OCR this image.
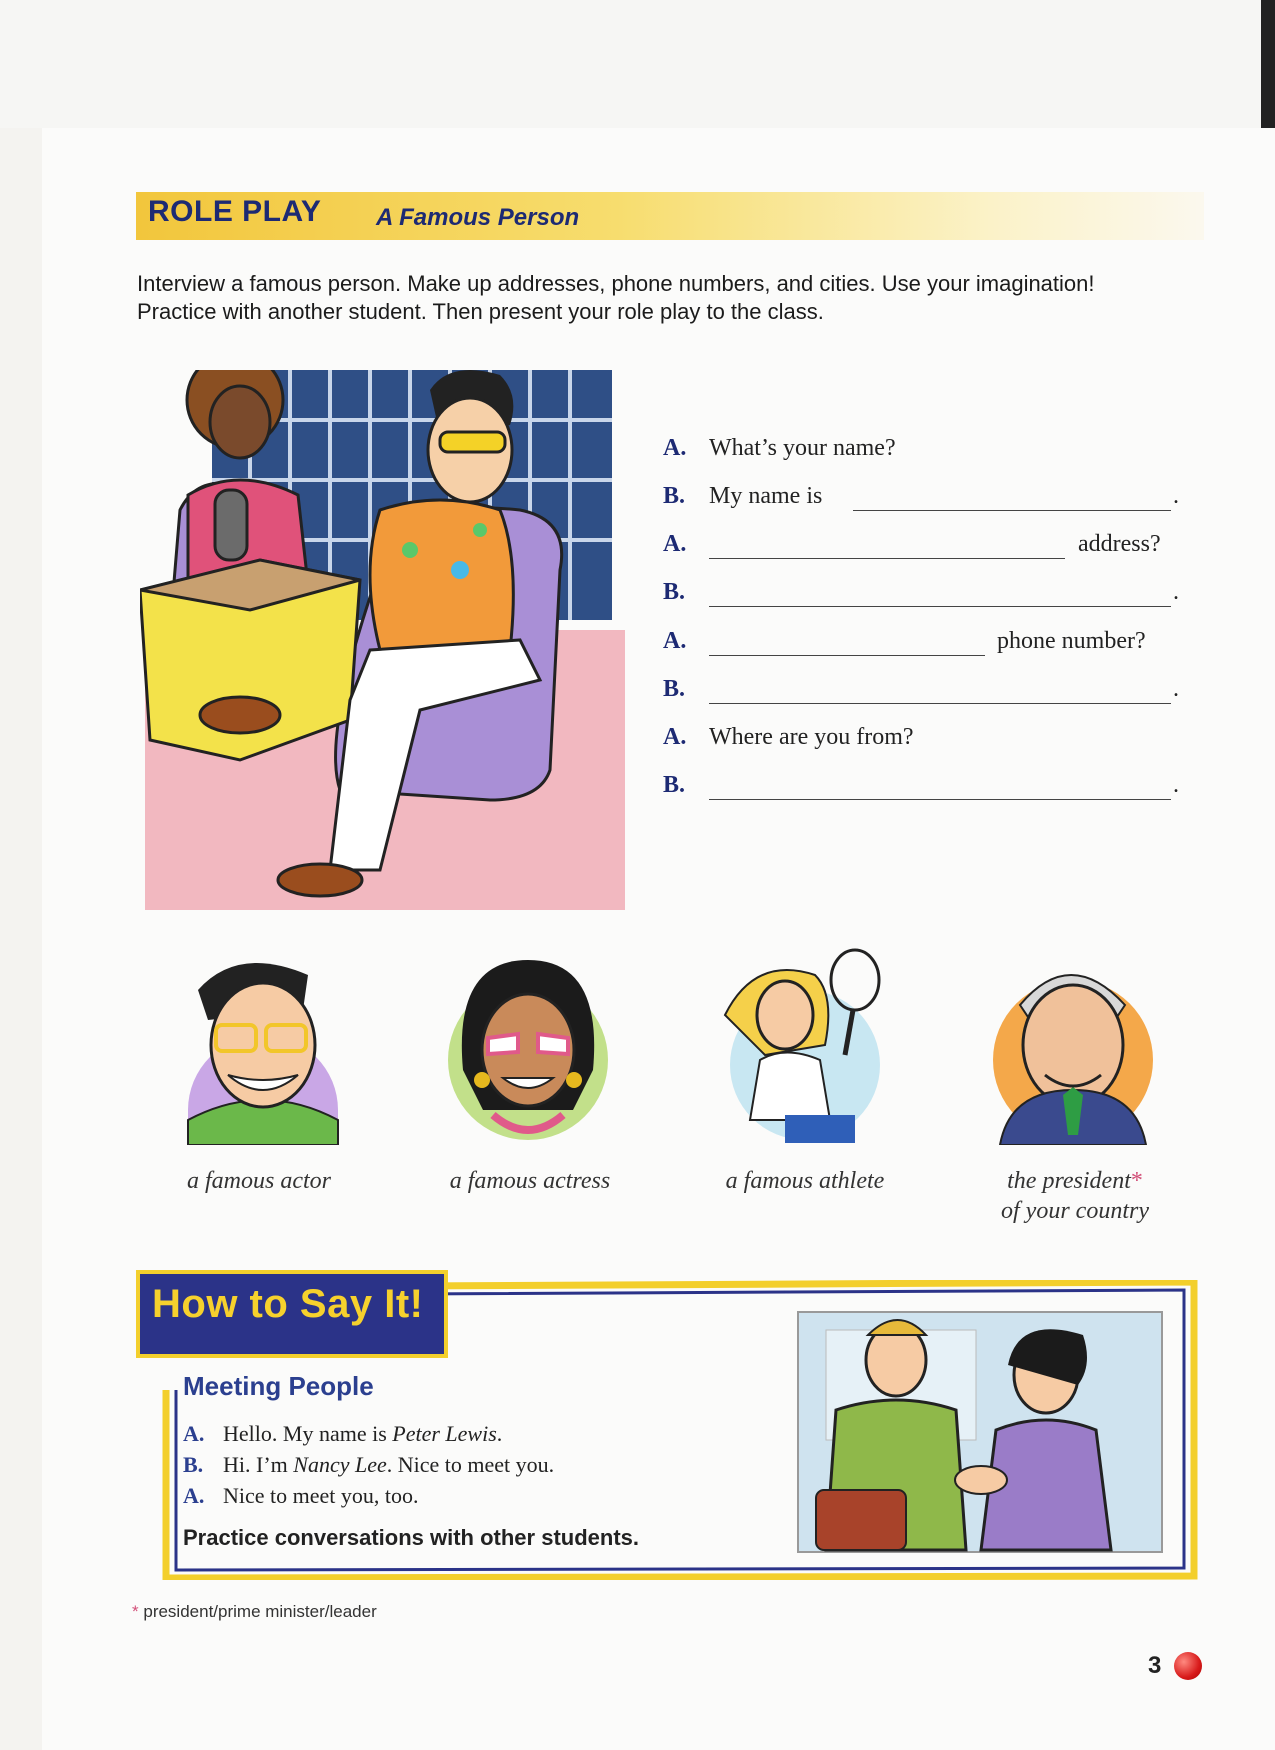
ROLE PLAY A Famous Person
Interview a famous person. Make up addresses, phone numbers, and cities. Use your imagination! Practice with another student. Then present your role play to the class.
A. What’s your name?
B. My name is	.
A.	address?
B.	.
A.	phone number?
B.	.
A. Where are you from?
B.	.
a famous actor	a famous actress	a famous athlete	the president*
of your country
How to Say It!
Meeting People
A. Hello. My name is Peter Lewis.
B. Hi. I’m Nancy Lee. Nice to meet you.
A. Nice to meet you, too.
Practice conversations with other students.
* president/prime minister/leader
3
